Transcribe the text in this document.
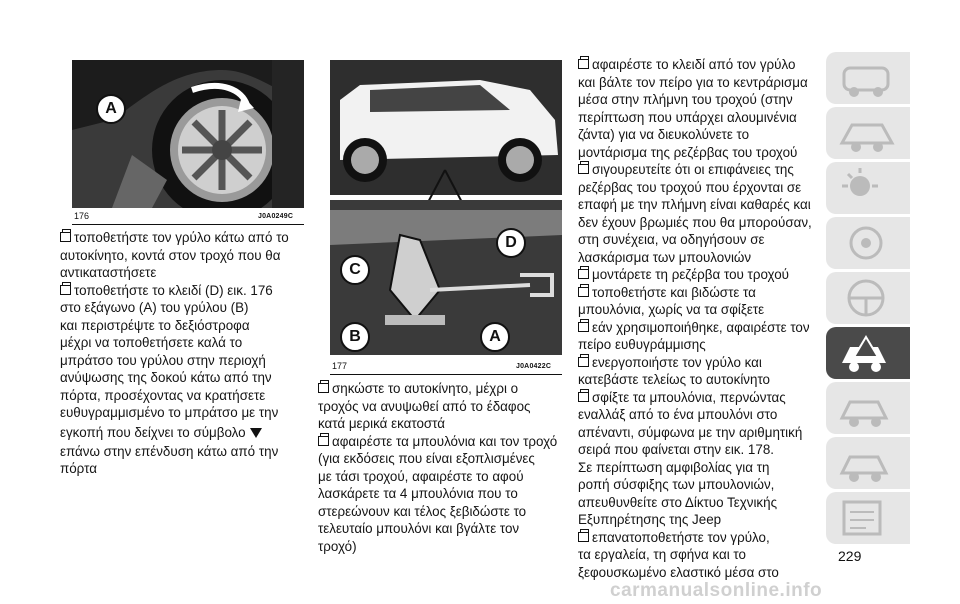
A
176	J0A0249C
τοποθετήστε τον γρύλο κάτω από το
αυτοκίνητο, κοντά στον τροχό που θα
αντικαταστήσετε
τοποθετήστε το κλειδί (D) εικ. 176
στο εξάγωνο (A) του γρύλου (B)
και περιστρέψτε το δεξιόστροφα
μέχρι να τοποθετήσετε καλά το
μπράτσο του γρύλου στην περιοχή
ανύψωσης της δοκού κάτω από την
πόρτα, προσέχοντας να κρατήσετε
ευθυγραμμισμένο το μπράτσο με την
εγκοπή που δείχνει το σύμβολο
επάνω στην επένδυση κάτω από την
πόρτα
C
D
B	A
177	J0A0422C
σηκώστε το αυτοκίνητο, μέχρι ο
τροχός να ανυψωθεί από το έδαφος
κατά μερικά εκατοστά
αφαιρέστε τα μπουλόνια και τον τροχό
(για εκδόσεις που είναι εξοπλισμένες
με τάσι τροχού, αφαιρέστε το αφού
λασκάρετε τα 4 μπουλόνια που το
στερεώνουν και τέλος ξεβιδώστε το
τελευταίο μπουλόνι και βγάλτε τον
τροχό)
αφαιρέστε το κλειδί από τον γρύλο
και βάλτε τον πείρο για το κεντράρισμα
μέσα στην πλήμνη του τροχού (στην
περίπτωση που υπάρχει αλουμινένια
ζάντα) για να διευκολύνετε το
μοντάρισμα της ρεζέρβας του τροχού
σιγουρευτείτε ότι οι επιφάνειες της
ρεζέρβας του τροχού που έρχονται σε
επαφή με την πλήμνη είναι καθαρές και
δεν έχουν βρωμιές που θα μπορούσαν,
στη συνέχεια, να οδηγήσουν σε
λασκάρισμα των μπουλονιών
μοντάρετε τη ρεζέρβα του τροχού
τοποθετήστε και βιδώστε τα
μπουλόνια, χωρίς να τα σφίξετε
εάν χρησιμοποιήθηκε, αφαιρέστε τον
πείρο ευθυγράμμισης
ενεργοποιήστε τον γρύλο και
κατεβάστε τελείως το αυτοκίνητο
σφίξτε τα μπουλόνια, περνώντας
εναλλάξ από το ένα μπουλόνι στο
απέναντι, σύμφωνα με την αριθμητική
σειρά που φαίνεται στην εικ. 178.
Σε περίπτωση αμφιβολίας για τη
ροπή σύσφιξης των μπουλονιών,
απευθυνθείτε στο Δίκτυο Τεχνικής
Εξυπηρέτησης της Jeep
επανατοποθετήστε τον γρύλο,
τα εργαλεία, τη σφήνα και το
ξεφουσκωμένο ελαστικό μέσα στο
229
carmanualsonline.info
